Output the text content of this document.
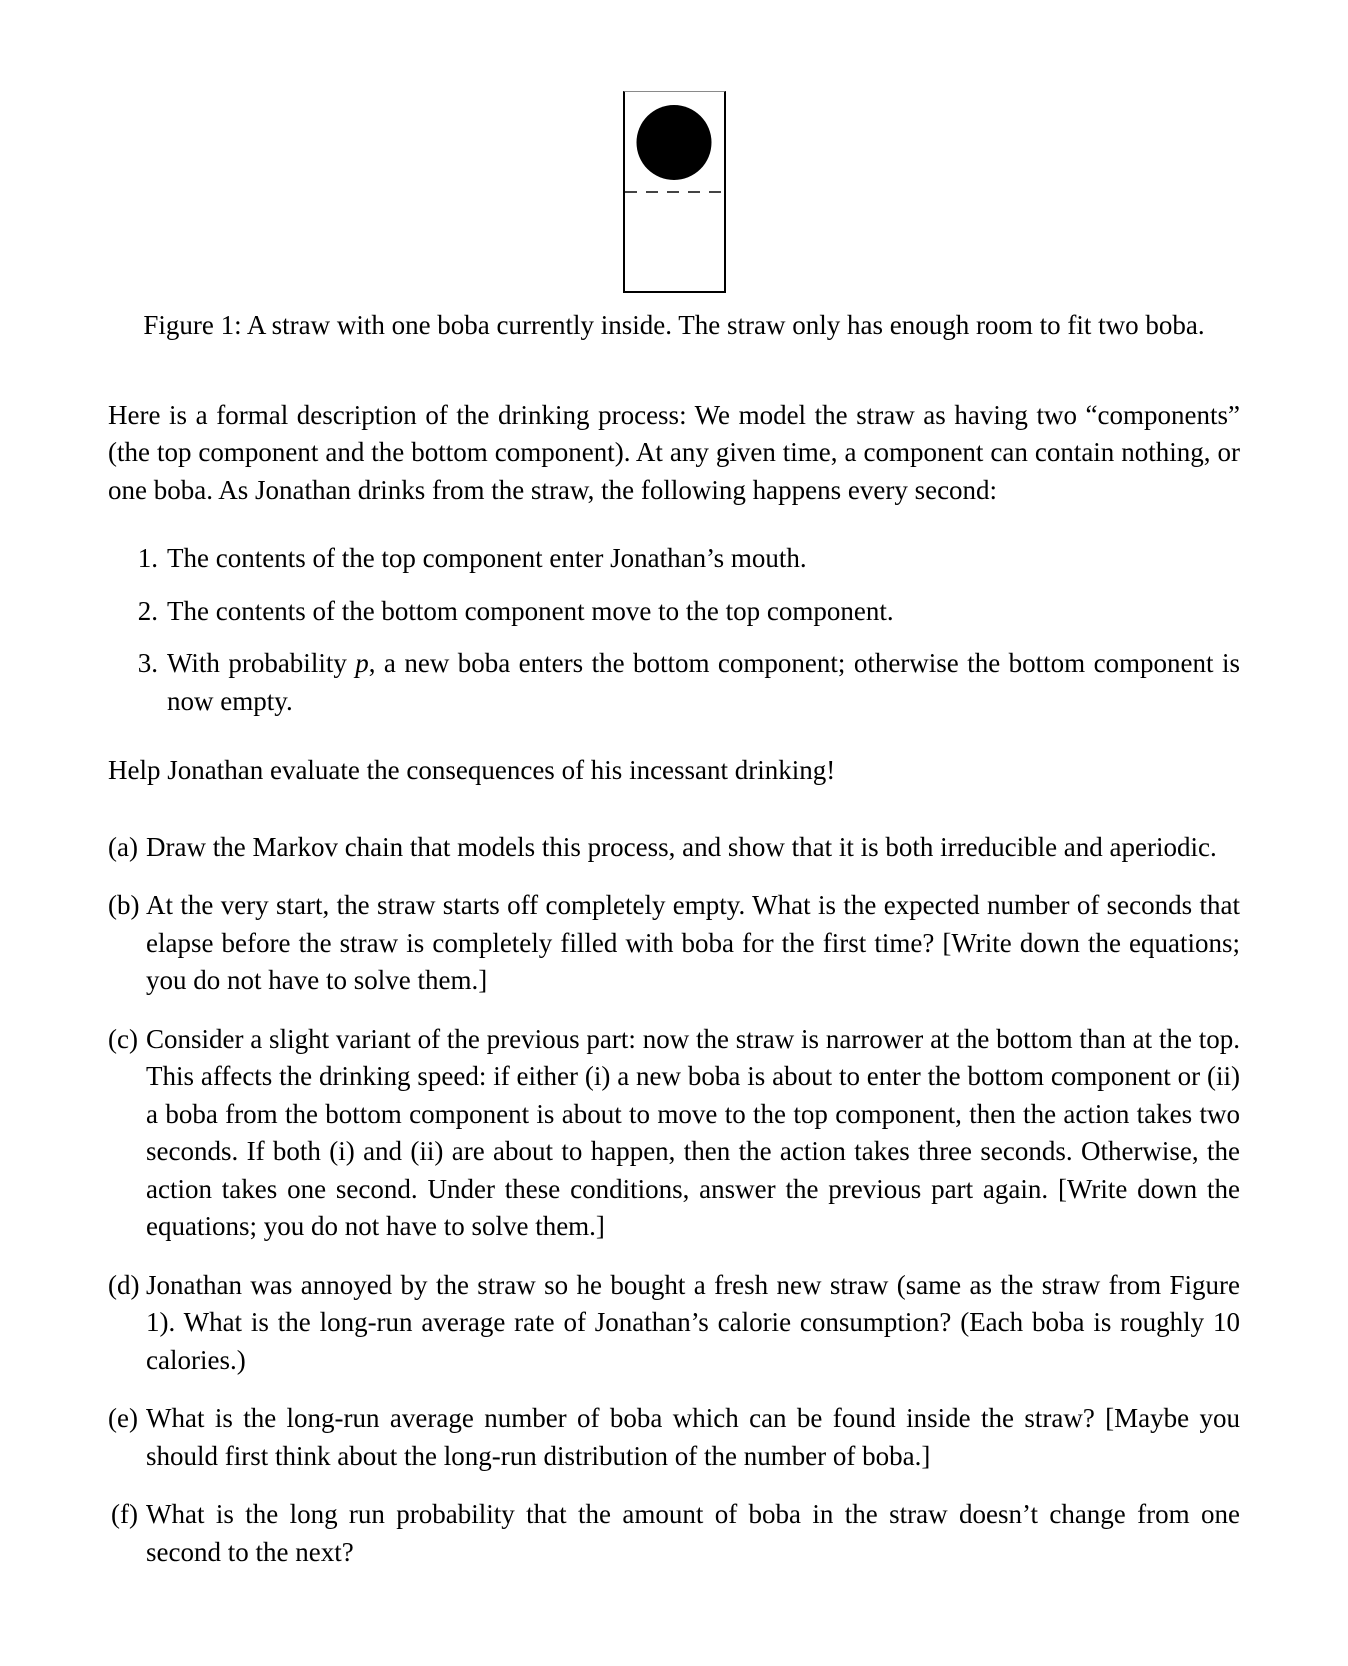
Figure 1: A straw with one boba currently inside. The straw only has enough room to fit two boba.

Here is a formal description of the drinking process: We model the straw as having two “components” (the top component and the bottom component). At any given time, a component can contain nothing, or one boba. As Jonathan drinks from the straw, the following happens every second:

1. The contents of the top component enter Jonathan’s mouth.
2. The contents of the bottom component move to the top component.
3. With probability p, a new boba enters the bottom component; otherwise the bottom component is now empty.

Help Jonathan evaluate the consequences of his incessant drinking!

(a) Draw the Markov chain that models this process, and show that it is both irreducible and aperiodic.
(b) At the very start, the straw starts off completely empty. What is the expected number of seconds that elapse before the straw is completely filled with boba for the first time? [Write down the equations; you do not have to solve them.]
(c) Consider a slight variant of the previous part: now the straw is narrower at the bottom than at the top. This affects the drinking speed: if either (i) a new boba is about to enter the bottom component or (ii) a boba from the bottom component is about to move to the top component, then the action takes two seconds. If both (i) and (ii) are about to happen, then the action takes three seconds. Otherwise, the action takes one second. Under these conditions, answer the previous part again. [Write down the equations; you do not have to solve them.]
(d) Jonathan was annoyed by the straw so he bought a fresh new straw (same as the straw from Figure 1). What is the long-run average rate of Jonathan’s calorie consumption? (Each boba is roughly 10 calories.)
(e) What is the long-run average number of boba which can be found inside the straw? [Maybe you should first think about the long-run distribution of the number of boba.]
(f) What is the long run probability that the amount of boba in the straw doesn’t change from one second to the next?
